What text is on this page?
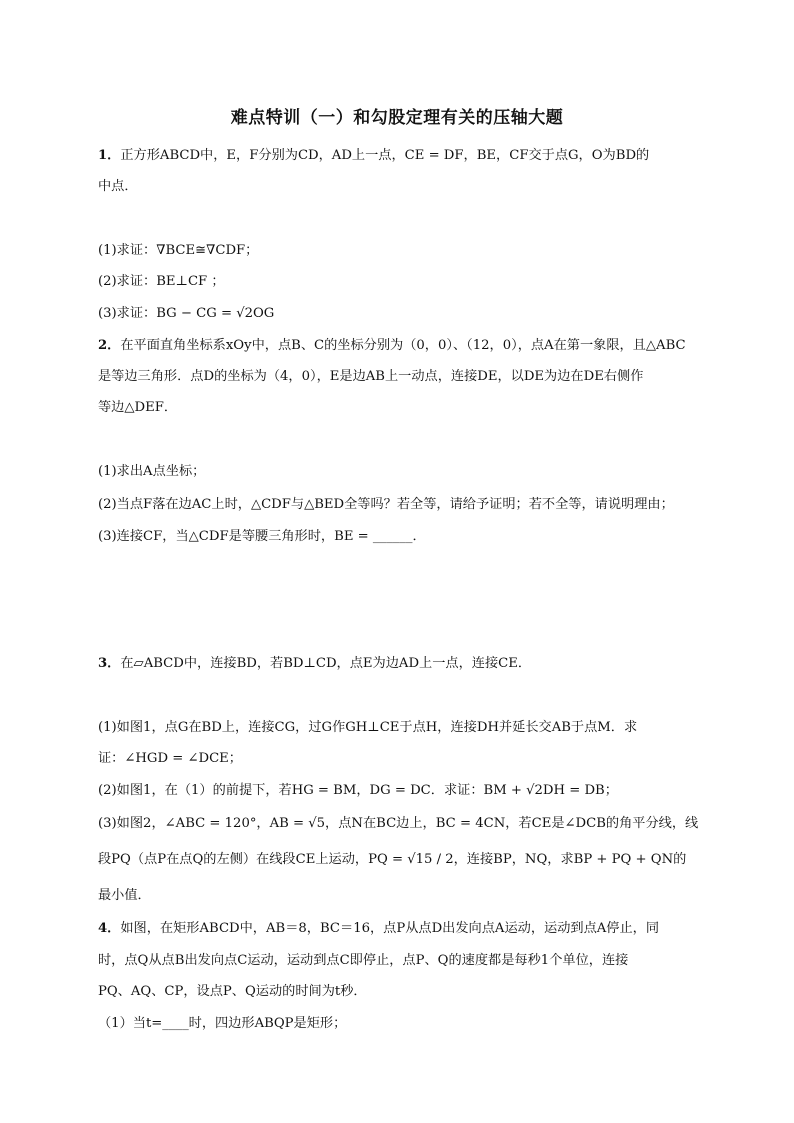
难点特训（一）和勾股定理有关的压轴大题
1．正方形ABCD中，E，F分别为CD，AD上一点，CE = DF，BE，CF交于点G，O为BD的
中点．
(1)求证：∇BCE≅∇CDF；
(2)求证：BE⊥CF ；
(3)求证：BG − CG = √2OG
2．在平面直角坐标系xOy中，点B、C的坐标分别为（0，0）、（12，0），点A在第一象限，且△ABC
是等边三角形．点D的坐标为（4，0），E是边AB上一动点，连接DE，以DE为边在DE右侧作
等边△DEF．
(1)求出A点坐标；
(2)当点F落在边AC上时，△CDF与△BED全等吗？若全等，请给予证明；若不全等，请说明理由；
(3)连接CF，当△CDF是等腰三角形时，BE = ______．
3．在▱ABCD中，连接BD，若BD⊥CD，点E为边AD上一点，连接CE．
(1)如图1，点G在BD上，连接CG，过G作GH⊥CE于点H，连接DH并延长交AB于点M．求
证：∠HGD = ∠DCE；
(2)如图1，在（1）的前提下，若HG = BM，DG = DC．求证：BM + √2DH = DB；
(3)如图2，∠ABC = 120°，AB = √5，点N在BC边上，BC = 4CN，若CE是∠DCB的角平分线，线
段PQ（点P在点Q的左侧）在线段CE上运动，PQ = √15 / 2，连接BP，NQ，求BP + PQ + QN的
最小值．
4．如图，在矩形ABCD中，AB＝8，BC＝16，点P从点D出发向点A运动，运动到点A停止，同
时，点Q从点B出发向点C运动，运动到点C即停止，点P、Q的速度都是每秒1个单位，连接
PQ、AQ、CP，设点P、Q运动的时间为t秒．
（1）当t=____时，四边形ABQP是矩形；
